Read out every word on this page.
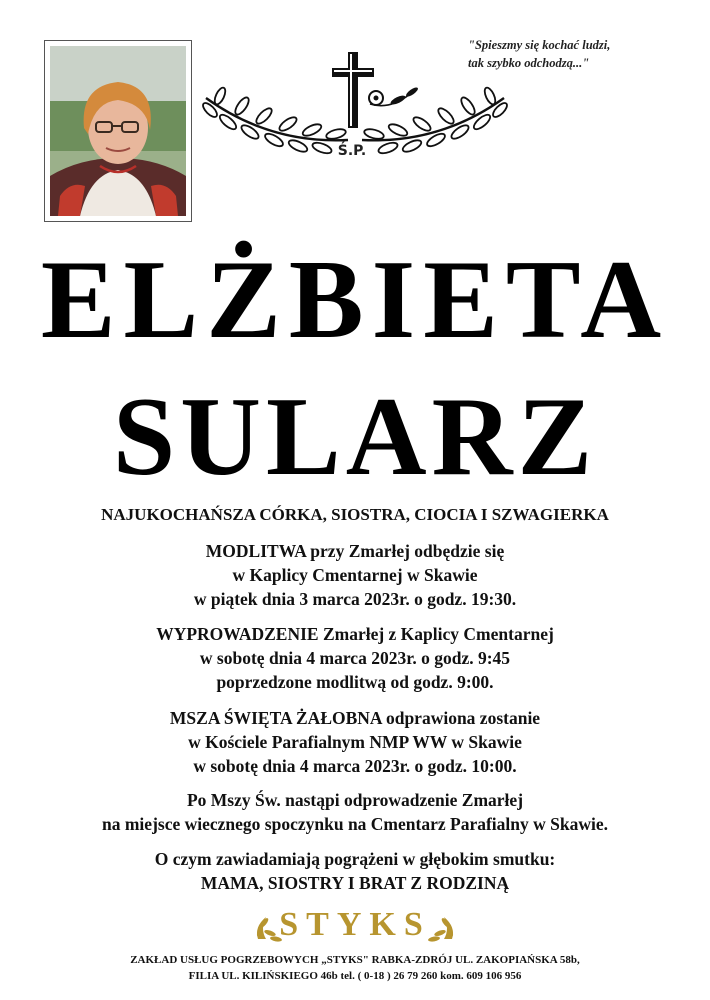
"Spieszmy się kochać ludzi,
tak szybko odchodzą..."
Ś.P.
ELŻBIETA
SULARZ
NAJUKOCHAŃSZA CÓRKA, SIOSTRA, CIOCIA I SZWAGIERKA
MODLITWA przy Zmarłej odbędzie się
w Kaplicy Cmentarnej w Skawie
w piątek dnia 3 marca 2023r. o godz. 19:30.
WYPROWADZENIE Zmarłej z Kaplicy Cmentarnej
w sobotę dnia 4 marca 2023r. o godz. 9:45
poprzedzone modlitwą od godz. 9:00.
MSZA ŚWIĘTA ŻAŁOBNA odprawiona zostanie
w Kościele Parafialnym NMP WW w Skawie
w sobotę dnia 4 marca 2023r. o godz. 10:00.
Po Mszy Św. nastąpi odprowadzenie Zmarłej
na miejsce wiecznego spoczynku na Cmentarz Parafialny w Skawie.
O czym zawiadamiają pogrążeni w głębokim smutku:
MAMA, SIOSTRY I BRAT Z RODZINĄ
STYKS
ZAKŁAD USŁUG POGRZEBOWYCH „STYKS" RABKA-ZDRÓJ UL. ZAKOPIAŃSKA 58b,
FILIA UL. KILIŃSKIEGO 46b tel. ( 0-18 ) 26 79 260 kom. 609 106 956
